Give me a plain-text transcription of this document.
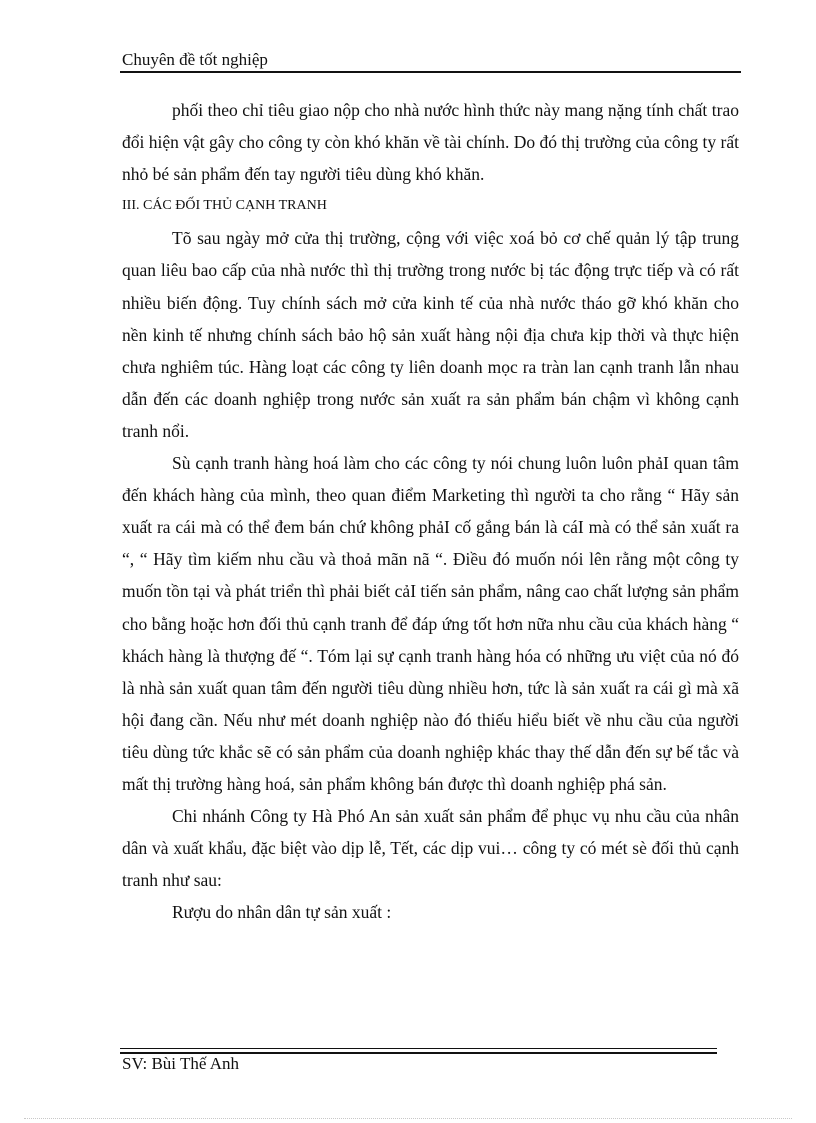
Chuyên đề tốt nghiệp

phối theo chỉ tiêu giao nộp cho nhà nước hình thức này mang nặng tính chất trao đổi hiện vật gây cho công ty còn khó khăn về tài chính. Do đó thị trường của công ty rất nhỏ bé sản phẩm đến tay người tiêu dùng khó khăn.

III. CÁC ĐỐI THỦ CẠNH TRANH

Tõ sau ngày mở cửa thị trường, cộng với việc xoá bỏ cơ chế quản lý tập trung quan liêu bao cấp của nhà nước thì thị trường trong nước bị tác động trực tiếp và có rất nhiều biến động. Tuy chính sách mở cửa kinh tế của nhà nước tháo gỡ khó khăn cho nền kinh tế nhưng chính sách bảo hộ sản xuất hàng nội địa chưa kịp thời và thực hiện chưa nghiêm túc. Hàng loạt các công ty liên doanh mọc ra tràn lan cạnh tranh lẫn nhau dẫn đến các doanh nghiệp trong nước sản xuất ra sản phẩm bán chậm vì không cạnh tranh nổi.

Sù cạnh tranh hàng hoá làm cho các công ty nói chung luôn luôn phảI quan tâm đến khách hàng của mình, theo quan điểm Marketing thì người ta cho rằng “ Hãy sản xuất ra cái mà có thể đem bán chứ không phảI cố gắng bán là cáI mà có thể sản xuất ra “, “ Hãy tìm kiếm nhu cầu và thoả mãn nã “. Điều đó muốn nói lên rằng một công ty muốn tồn tại và phát triển thì phải biết cảI tiến sản phẩm, nâng cao chất lượng sản phẩm cho bằng hoặc hơn đối thủ cạnh tranh để đáp ứng tốt hơn nữa nhu cầu của khách hàng “ khách hàng là thượng đế “. Tóm lại sự cạnh tranh hàng hóa có những ưu việt của nó đó là nhà sản xuất quan tâm đến người tiêu dùng nhiều hơn, tức là sản xuất ra cái gì mà xã hội đang cần. Nếu như mét doanh nghiệp nào đó thiếu hiểu biết về nhu cầu của người tiêu dùng tức khắc sẽ có sản phẩm của doanh nghiệp khác thay thế dẫn đến sự bế tắc và mất thị trường hàng hoá, sản phẩm không bán được thì doanh nghiệp phá sản.

Chi nhánh Công ty Hà Phó An sản xuất sản phẩm để phục vụ nhu cầu của nhân dân và xuất khẩu, đặc biệt vào dịp lễ, Tết, các dịp vui… công ty có mét sè đối thủ cạnh tranh như sau:

Rượu do nhân dân tự sản xuất :

SV: Bùi Thế Anh
